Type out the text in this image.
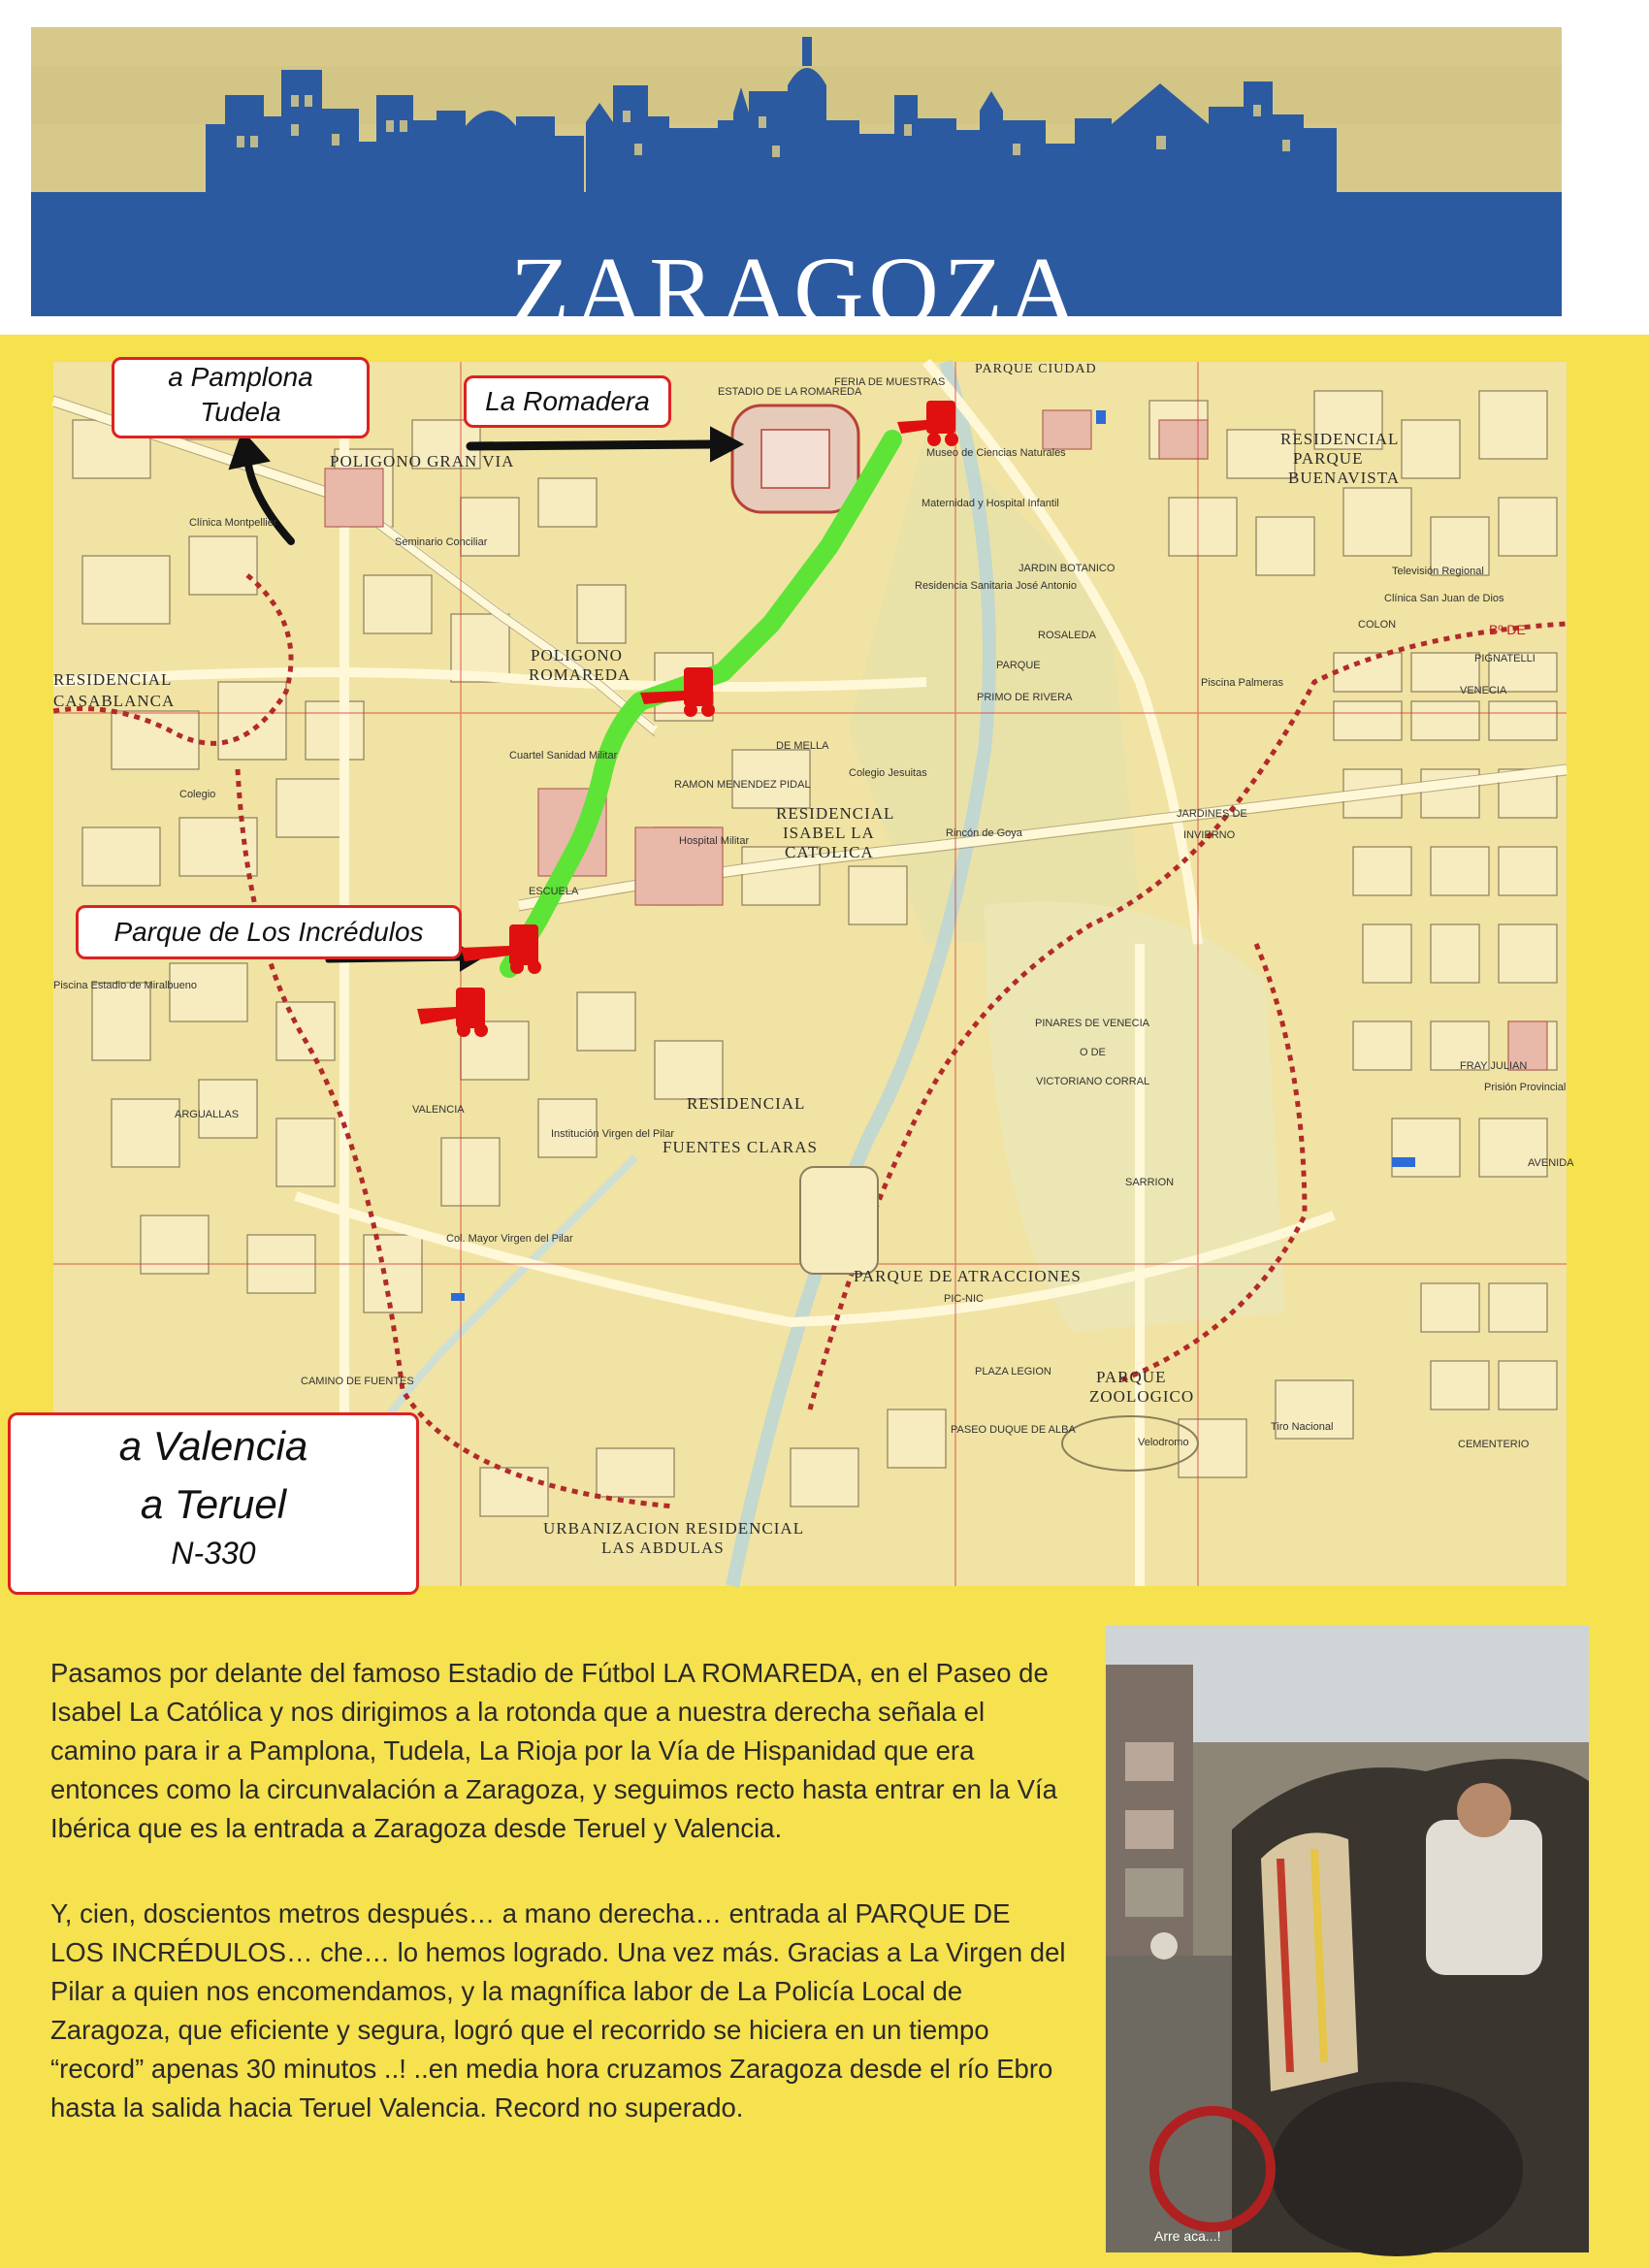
ZARAGOZA
POLIGONO GRAN VIA
RESIDENCIAL
CASABLANCA
POLIGONO
ROMAREDA
RESIDENCIAL
ISABEL LA
CATOLICA
RESIDENCIAL
FUENTES CLARAS
PARQUE DE ATRACCIONES
PARQUE
ZOOLOGICO
URBANIZACION RESIDENCIAL
LAS ABDULAS
RESIDENCIAL
PARQUE
BUENAVISTA
PARQUE CIUDAD
PINARES DE VENECIA
O DE
VICTORIANO CORRAL
JARDINES DE
INVIERNO
Clínica Montpellier
Seminario Conciliar
ESTADIO DE LA ROMAREDA
FERIA DE MUESTRAS
Museo de Ciencias Naturales
Maternidad y Hospital Infantil
Residencia Sanitaria José Antonio
JARDIN BOTANICO
ROSALEDA
PARQUE
PRIMO DE RIVERA
Cuartel Sanidad Militar
Hospital Militar
Colegio Jesuitas
Rincón de Goya
Piscina Palmeras
Televisión Regional
Clínica San Juan de Dios
COLON
PIGNATELLI
VENECIA
Prisión Provincial
Institución Virgen del Pilar
Col. Mayor Virgen del Pilar
Piscina Estadio de Miralbueno
Colegio
Velodromo
Tiro Nacional
CEMENTERIO
PLAZA LEGION
PASEO DUQUE DE ALBA
PIC-NIC
CAMINO DE FUENTES
SARRION
FRAY JULIAN
AVENIDA
ESCUELA
RAMON MENENDEZ PIDAL
VALENCIA
ARGUALLAS
DE MELLA
Bº DE
a Pamplona
Tudela	La Romadera
Parque de Los Incrédulos
a Valencia
a Teruel
N-330

Pasamos por delante del famoso Estadio de Fútbol LA ROMAREDA, en el Paseo de Isabel La Católica y nos dirigimos a la rotonda que a nuestra derecha señala el camino para ir a Pamplona, Tudela, La Rioja por la Vía de Hispanidad que era entonces como la circunvalación a Zaragoza, y seguimos recto hasta entrar en la Vía Ibérica que es la entrada a Zaragoza desde Teruel y Valencia.

Y, cien, doscientos metros después… a mano derecha… entrada al PARQUE DE LOS INCRÉDULOS… che… lo hemos logrado. Una vez más. Gracias a La Virgen del Pilar a quien nos encomendamos, y la magnífica labor de La Policía Local de Zaragoza, que eficiente y segura, logró que el recorrido se hiciera en un tiempo “record” apenas 30 minutos ..! ..en media hora cruzamos Zaragoza desde el río Ebro hasta la salida hacia Teruel Valencia. Record no superado.

Arre aca...!
